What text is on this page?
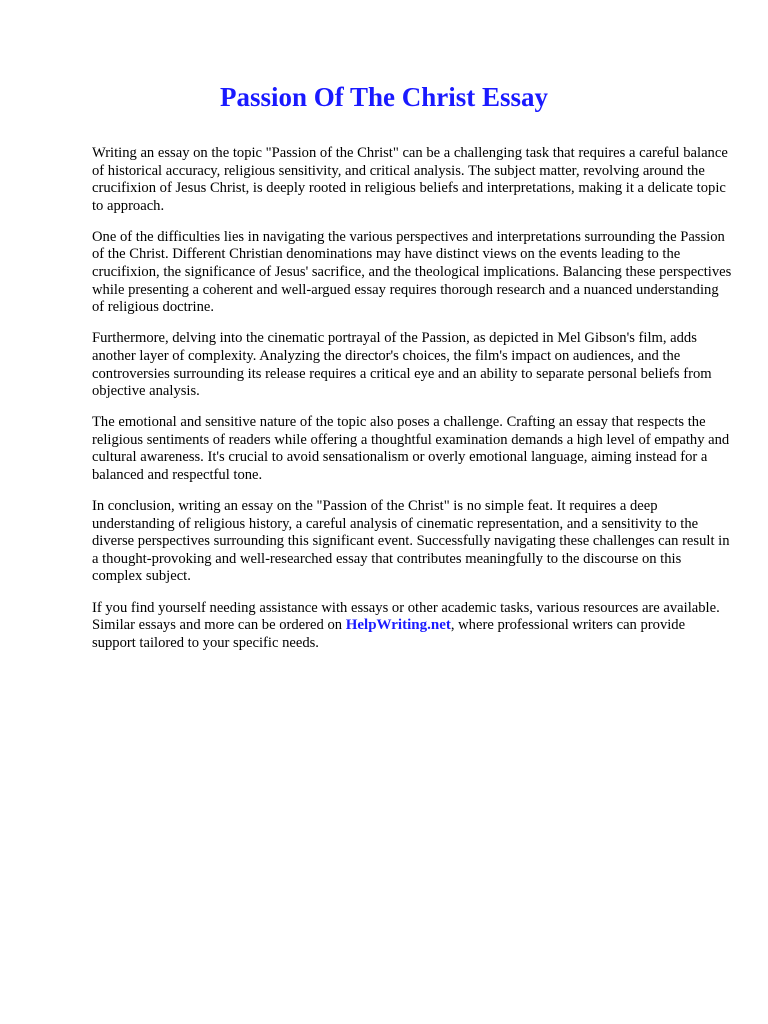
Passion Of The Christ Essay

Writing an essay on the topic "Passion of the Christ" can be a challenging task that requires a careful balance of historical accuracy, religious sensitivity, and critical analysis. The subject matter, revolving around the crucifixion of Jesus Christ, is deeply rooted in religious beliefs and interpretations, making it a delicate topic to approach.

One of the difficulties lies in navigating the various perspectives and interpretations surrounding the Passion of the Christ. Different Christian denominations may have distinct views on the events leading to the crucifixion, the significance of Jesus' sacrifice, and the theological implications. Balancing these perspectives while presenting a coherent and well-argued essay requires thorough research and a nuanced understanding of religious doctrine.

Furthermore, delving into the cinematic portrayal of the Passion, as depicted in Mel Gibson's film, adds another layer of complexity. Analyzing the director's choices, the film's impact on audiences, and the controversies surrounding its release requires a critical eye and an ability to separate personal beliefs from objective analysis.

The emotional and sensitive nature of the topic also poses a challenge. Crafting an essay that respects the religious sentiments of readers while offering a thoughtful examination demands a high level of empathy and cultural awareness. It's crucial to avoid sensationalism or overly emotional language, aiming instead for a balanced and respectful tone.

In conclusion, writing an essay on the "Passion of the Christ" is no simple feat. It requires a deep understanding of religious history, a careful analysis of cinematic representation, and a sensitivity to the diverse perspectives surrounding this significant event. Successfully navigating these challenges can result in a thought-provoking and well-researched essay that contributes meaningfully to the discourse on this complex subject.

If you find yourself needing assistance with essays or other academic tasks, various resources are available. Similar essays and more can be ordered on HelpWriting.net, where professional writers can provide support tailored to your specific needs.
